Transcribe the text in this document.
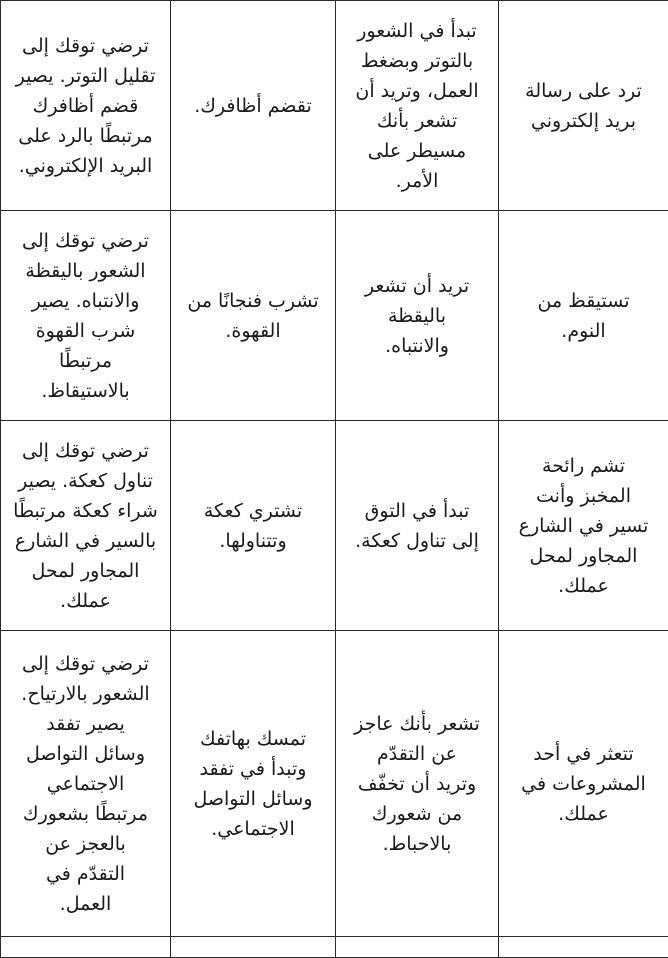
ترد على رسالة بريد إلكتروني	تبدأ في الشعور بالتوتر وبضغط العمل، وتريد أن تشعر بأنك مسيطر على الأمر.	تقضم أظافرك.	ترضي توقك إلى تقليل التوتر. يصير قضم أظافرك مرتبطًا بالرد على البريد الإلكتروني.
تستيقظ من النوم.	تريد أن تشعر باليقظة والانتباه.	تشرب فنجانًا من القهوة.	ترضي توقك إلى الشعور باليقظة والانتباه. يصير شرب القهوة مرتبطًا بالاستيقاظ.
تشم رائحة المخبز وأنت تسير في الشارع المجاور لمحل عملك.	تبدأ في التوق إلى تناول كعكة.	تشتري كعكة وتتناولها.	ترضي توقك إلى تناول كعكة. يصير شراء كعكة مرتبطًا بالسير في الشارع المجاور لمحل عملك.
تتعثر في أحد المشروعات في عملك.	تشعر بأنك عاجز عن التقدّم وتريد أن تخفّف من شعورك بالاحباط.	تمسك بهاتفك وتبدأ في تفقد وسائل التواصل الاجتماعي.	ترضي توقك إلى الشعور بالارتياح. يصير تفقد وسائل التواصل الاجتماعي مرتبطًا بشعورك بالعجز عن التقدّم في العمل.
